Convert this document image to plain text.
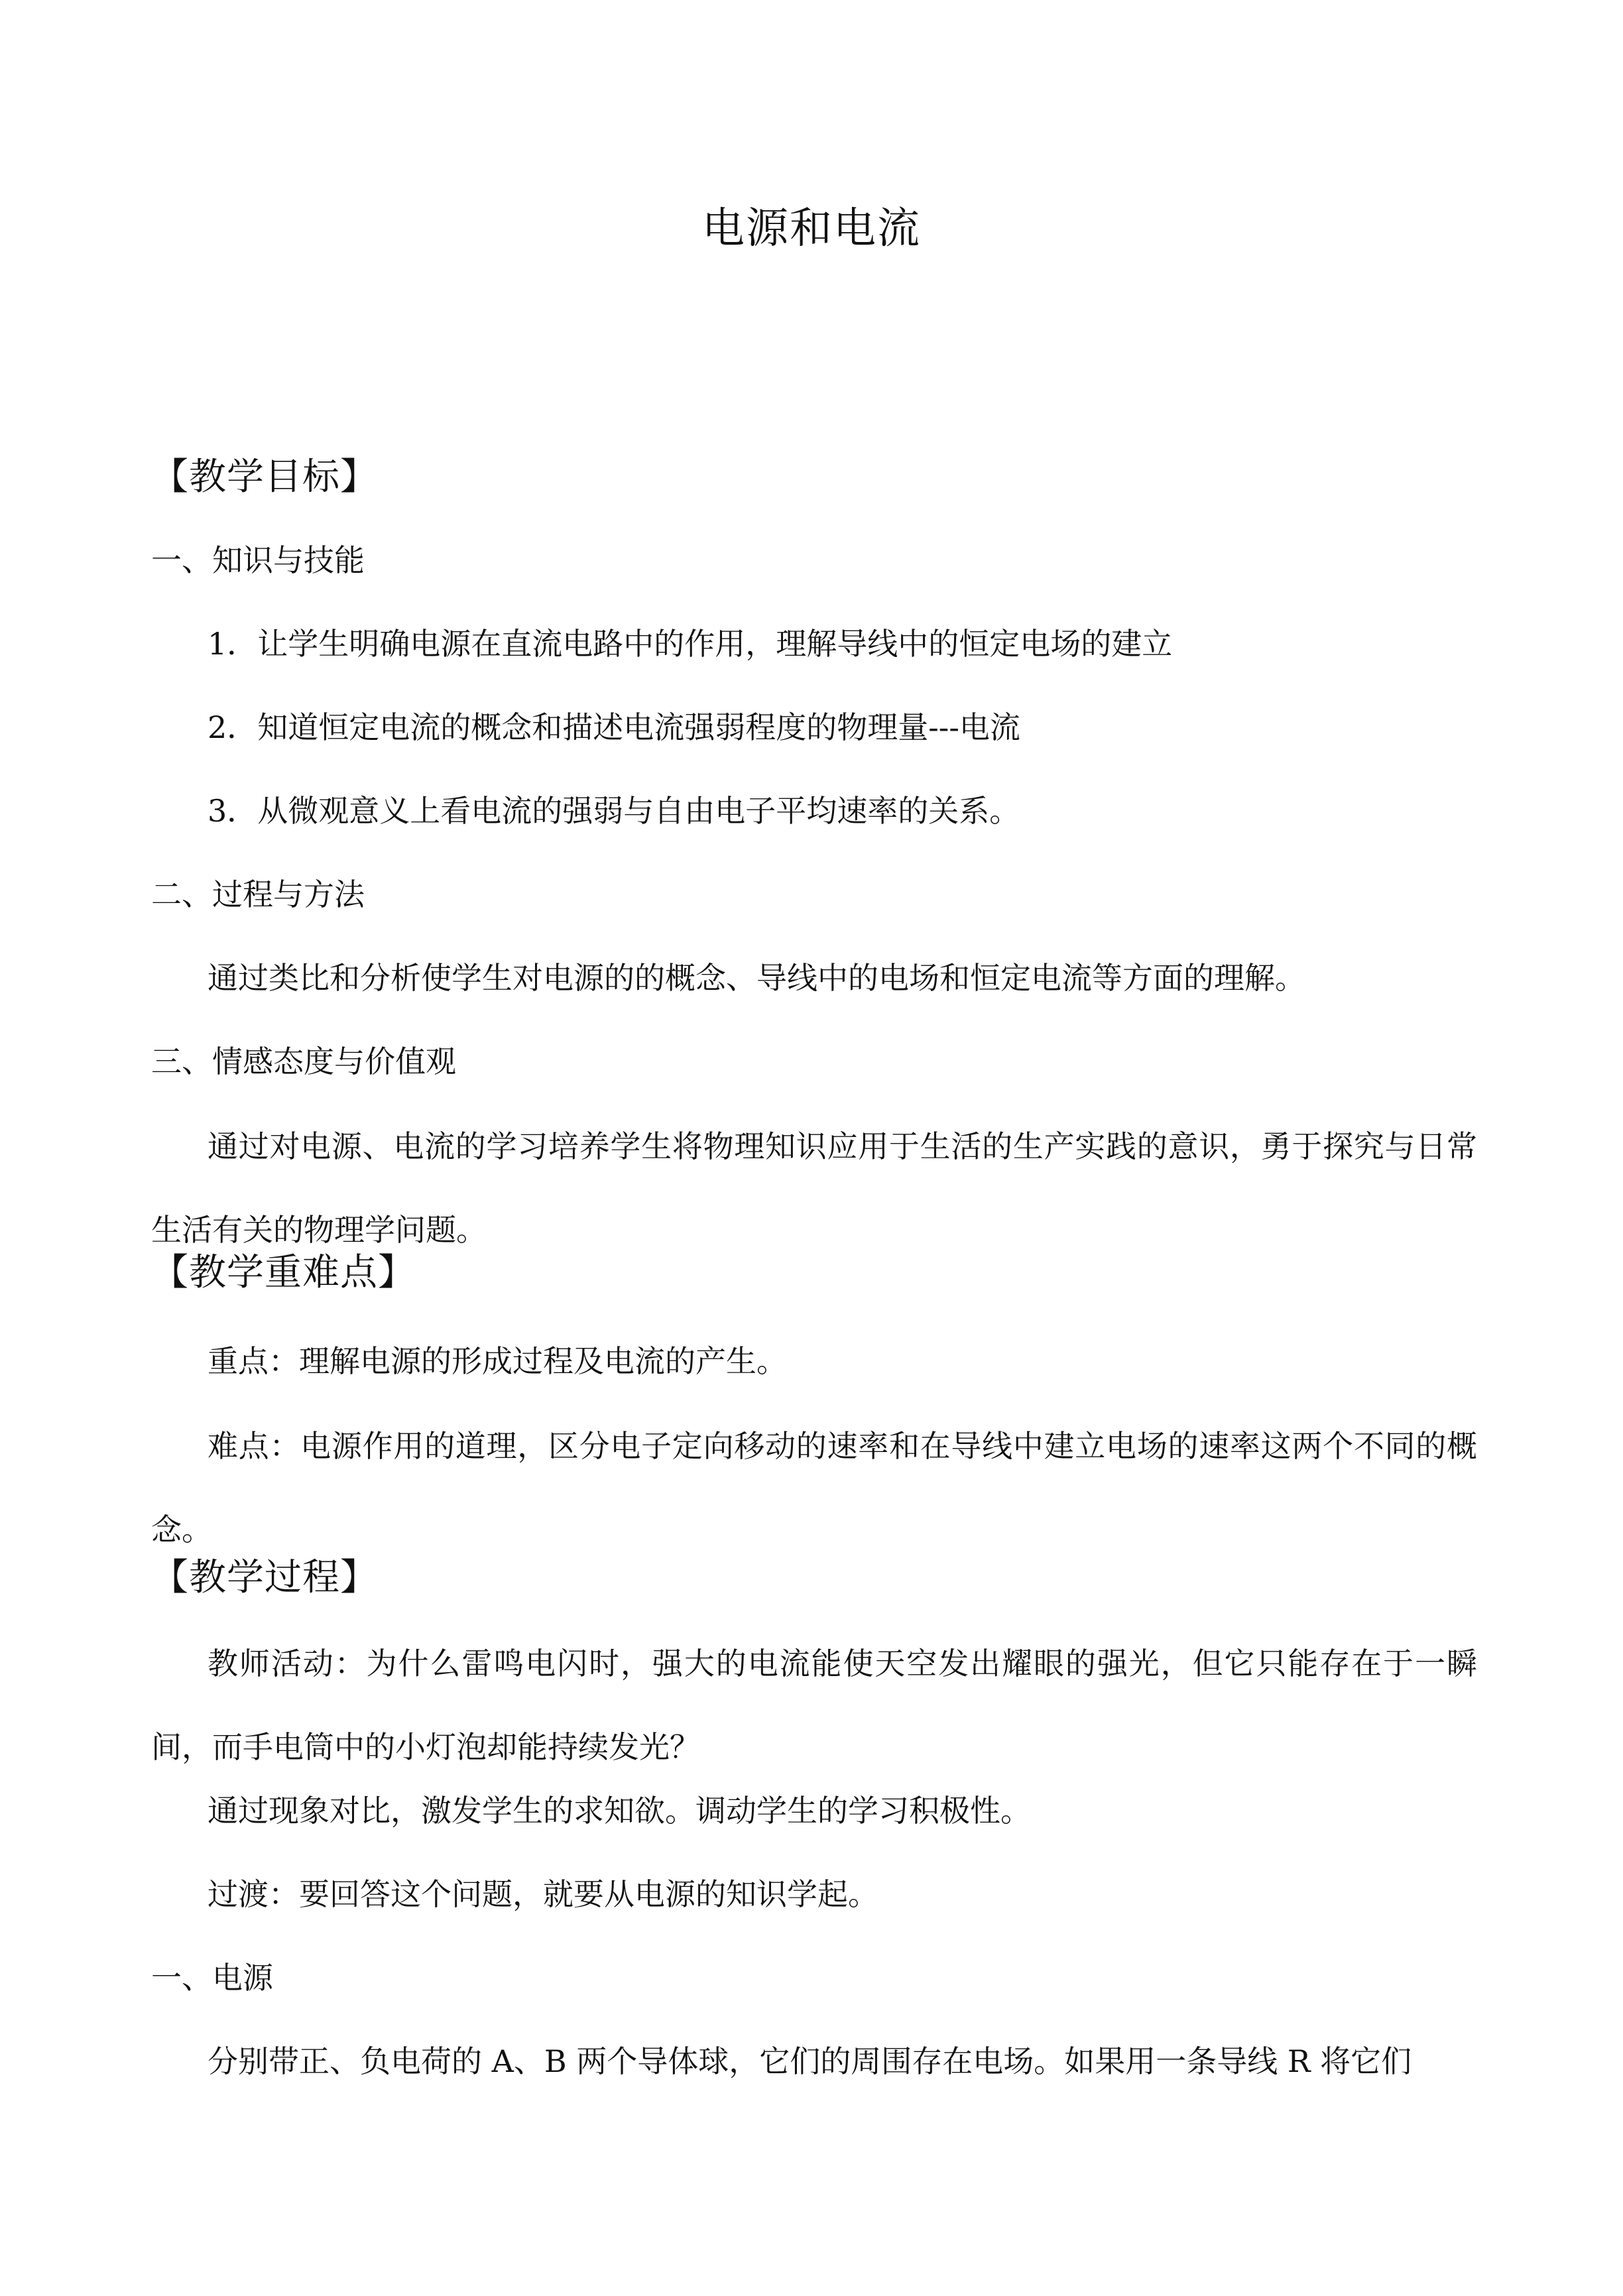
电源和电流
【教学目标】
一、知识与技能
1．让学生明确电源在直流电路中的作用，理解导线中的恒定电场的建立
2．知道恒定电流的概念和描述电流强弱程度的物理量---电流
3．从微观意义上看电流的强弱与自由电子平均速率的关系。
二、过程与方法
通过类比和分析使学生对电源的的概念、导线中的电场和恒定电流等方面的理解。
三、情感态度与价值观
通过对电源、电流的学习培养学生将物理知识应用于生活的生产实践的意识，勇于探究与日常生活有关的物理学问题。
【教学重难点】
重点：理解电源的形成过程及电流的产生。
难点：电源作用的道理，区分电子定向移动的速率和在导线中建立电场的速率这两个不同的概念。
【教学过程】
教师活动：为什么雷鸣电闪时，强大的电流能使天空发出耀眼的强光，但它只能存在于一瞬间，而手电筒中的小灯泡却能持续发光？
通过现象对比，激发学生的求知欲。调动学生的学习积极性。
过渡：要回答这个问题，就要从电源的知识学起。
一、电源
分别带正、负电荷的 A、B 两个导体球，它们的周围存在电场。如果用一条导线 R 将它们
